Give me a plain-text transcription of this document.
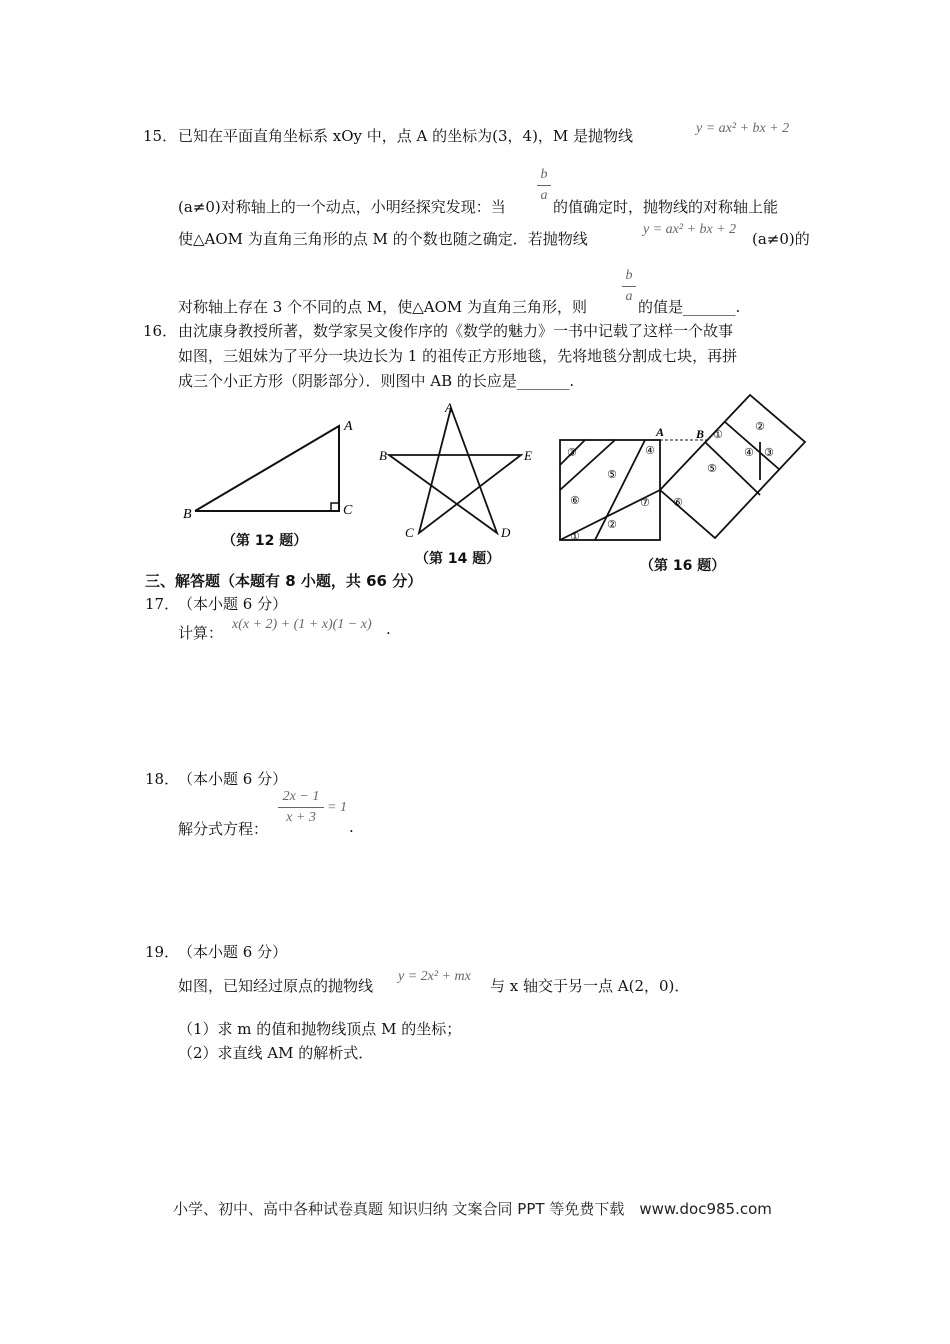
15． 已知在平面直角坐标系 xOy 中，点 A 的坐标为(3，4)，M 是抛物线	y = ax² + bx + 2
b
a
(a≠0)对称轴上的一个动点，小明经探究发现：当	的值确定时，抛物线的对称轴上能
使△AOM 为直角三角形的点 M 的个数也随之确定．若抛物线
y = ax² + bx + 2
(a≠0)的
b
a
对称轴上存在 3 个不同的点 M，使△AOM 为直角三角形，则	的值是_______.
16． 由沈康身教授所著，数学家吴文俊作序的《数学的魅力》一书中记载了这样一个故事
如图，三姐妹为了平分一块边长为 1 的祖传正方形地毯，先将地毯分割成七块，再拼
成三个小正方形（阴影部分）．则图中 AB 的长应是_______.
A
B	C
（第 12 题）
A
B	E
C	D
（第 14 题）
A	B
①
②
③	④
⑤
⑥	⑦
①
②
④ ③
⑤
⑥
（第 16 题）
三、解答题（本题有 8 小题，共 66 分）
17．
（本小题 6 分）
计算： x(x + 2) + (1 + x)(1 − x) .
18．
（本小题 6 分）
2x − 1
x + 3
= 1
解分式方程：	.
19．
（本小题 6 分）
如图，已知经过原点的抛物线
y = 2x² + mx
与 x 轴交于另一点 A(2，0)．
（1）求 m 的值和抛物线顶点 M 的坐标；
（2）求直线 AM 的解析式．
小学、初中、高中各种试卷真题 知识归纳 文案合同 PPT 等免费下载　www.doc985.com
